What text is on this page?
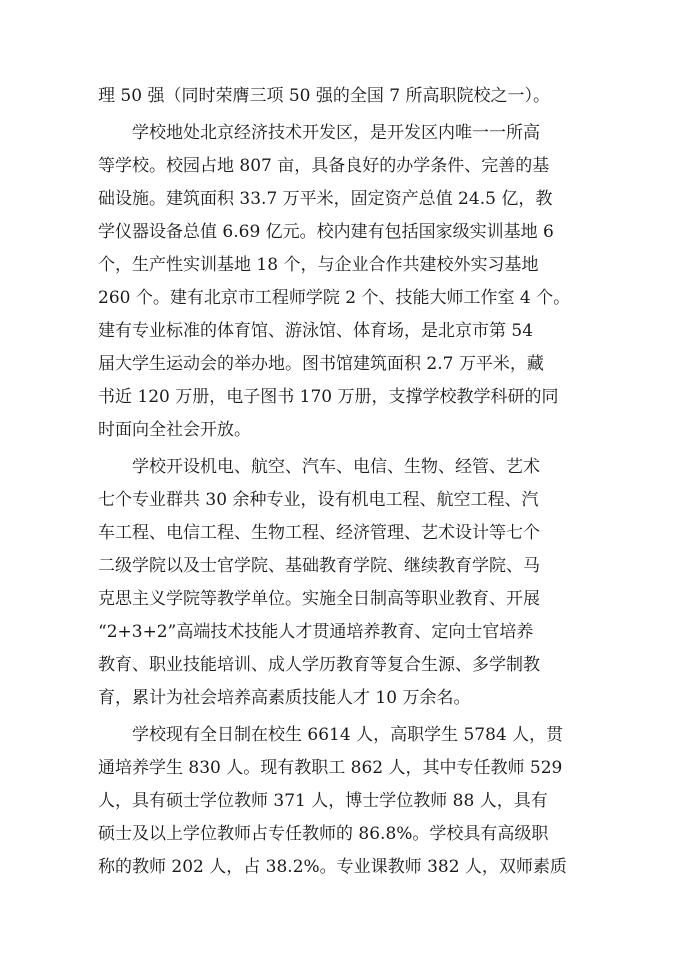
理 50 强（同时荣膺三项 50 强的全国 7 所高职院校之一）。

学校地处北京经济技术开发区，是开发区内唯一一所高
等学校。校园占地 807 亩，具备良好的办学条件、完善的基
础设施。建筑面积 33.7 万平米，固定资产总值 24.5 亿，教
学仪器设备总值 6.69 亿元。校内建有包括国家级实训基地 6
个，生产性实训基地 18 个，与企业合作共建校外实习基地
260 个。建有北京市工程师学院 2 个、技能大师工作室 4 个。
建有专业标准的体育馆、游泳馆、体育场，是北京市第 54
届大学生运动会的举办地。图书馆建筑面积 2.7 万平米，藏
书近 120 万册，电子图书 170 万册，支撑学校教学科研的同
时面向全社会开放。

学校开设机电、航空、汽车、电信、生物、经管、艺术
七个专业群共 30 余种专业，设有机电工程、航空工程、汽
车工程、电信工程、生物工程、经济管理、艺术设计等七个
二级学院以及士官学院、基础教育学院、继续教育学院、马
克思主义学院等教学单位。实施全日制高等职业教育、开展
“2+3+2”高端技术技能人才贯通培养教育、定向士官培养
教育、职业技能培训、成人学历教育等复合生源、多学制教
育，累计为社会培养高素质技能人才 10 万余名。

学校现有全日制在校生 6614 人，高职学生 5784 人，贯
通培养学生 830 人。现有教职工 862 人，其中专任教师 529
人，具有硕士学位教师 371 人，博士学位教师 88 人，具有
硕士及以上学位教师占专任教师的 86.8%。学校具有高级职
称的教师 202 人，占 38.2%。专业课教师 382 人，双师素质
